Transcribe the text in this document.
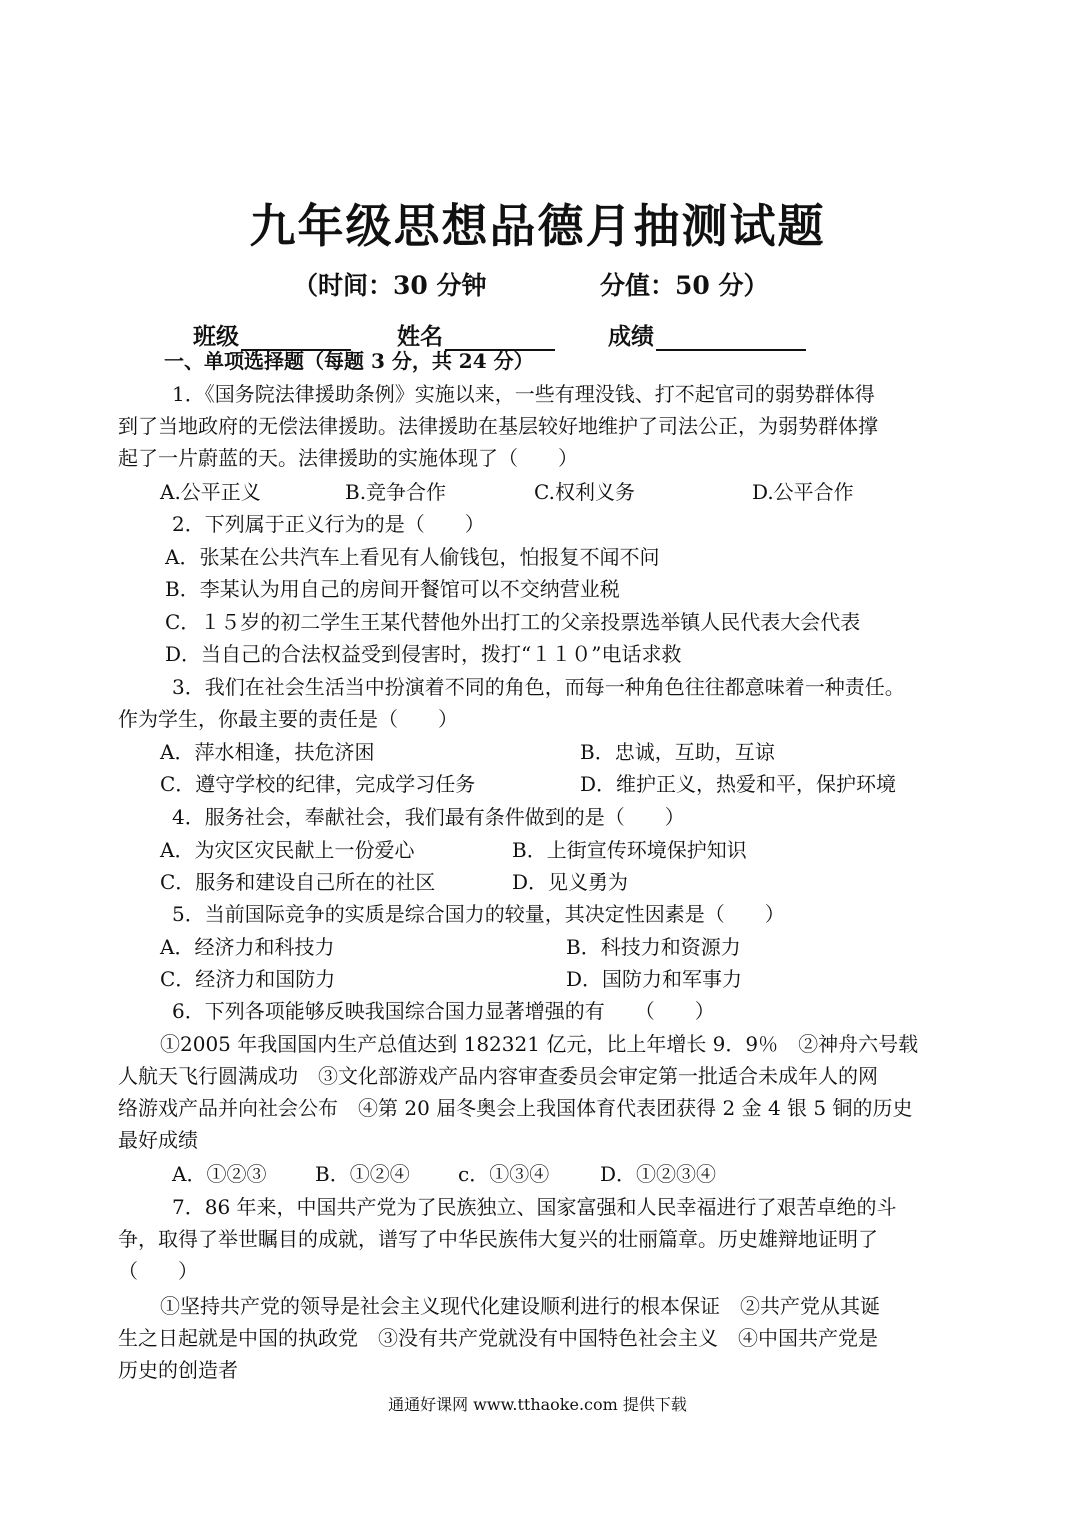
九年级思想品德月抽测试题
（时间：30 分钟	分值：50 分）
班级	姓名	成绩
一、单项选择题（每题 3 分，共 24 分）
1．《国务院法律援助条例》实施以来，一些有理没钱、打不起官司的弱势群体得
到了当地政府的无偿法律援助。法律援助在基层较好地维护了司法公正，为弱势群体撑
起了一片蔚蓝的天。法律援助的实施体现了（　　）
A.公平正义	B.竞争合作	C.权利义务	D.公平合作
2．下列属于正义行为的是（　　）
A．张某在公共汽车上看见有人偷钱包，怕报复不闻不问
B．李某认为用自己的房间开餐馆可以不交纳营业税
C．１５岁的初二学生王某代替他外出打工的父亲投票选举镇人民代表大会代表
D．当自己的合法权益受到侵害时，拨打“１１０”电话求救
3．我们在社会生活当中扮演着不同的角色，而每一种角色往往都意味着一种责任。
作为学生，你最主要的责任是（　　）
A．萍水相逢，扶危济困	B．忠诚，互助，互谅
C．遵守学校的纪律，完成学习任务	D．维护正义，热爱和平，保护环境
4．服务社会，奉献社会，我们最有条件做到的是（　　）
A．为灾区灾民献上一份爱心	B．上街宣传环境保护知识
C．服务和建设自己所在的社区	D．见义勇为
5．当前国际竞争的实质是综合国力的较量，其决定性因素是（　　）
A．经济力和科技力	B．科技力和资源力
C．经济力和国防力	D．国防力和军事力
6．下列各项能够反映我国综合国力显著增强的有　　（　　）
①2005 年我国国内生产总值达到 182321 亿元，比上年增长 9．9％　②神舟六号载
人航天飞行圆满成功　③文化部游戏产品内容审查委员会审定第一批适合未成年人的网
络游戏产品并向社会公布　④第 20 届冬奥会上我国体育代表团获得 2 金 4 银 5 铜的历史
最好成绩
A．①②③ B．①②④ c．①③④	D．①②③④
7．86 年来，中国共产党为了民族独立、国家富强和人民幸福进行了艰苦卓绝的斗
争，取得了举世瞩目的成就，谱写了中华民族伟大复兴的壮丽篇章。历史雄辩地证明了
（　　）
①坚持共产党的领导是社会主义现代化建设顺利进行的根本保证　②共产党从其诞
生之日起就是中国的执政党　③没有共产党就没有中国特色社会主义　④中国共产党是
历史的创造者
通通好课网 www.tthaoke.com 提供下载
